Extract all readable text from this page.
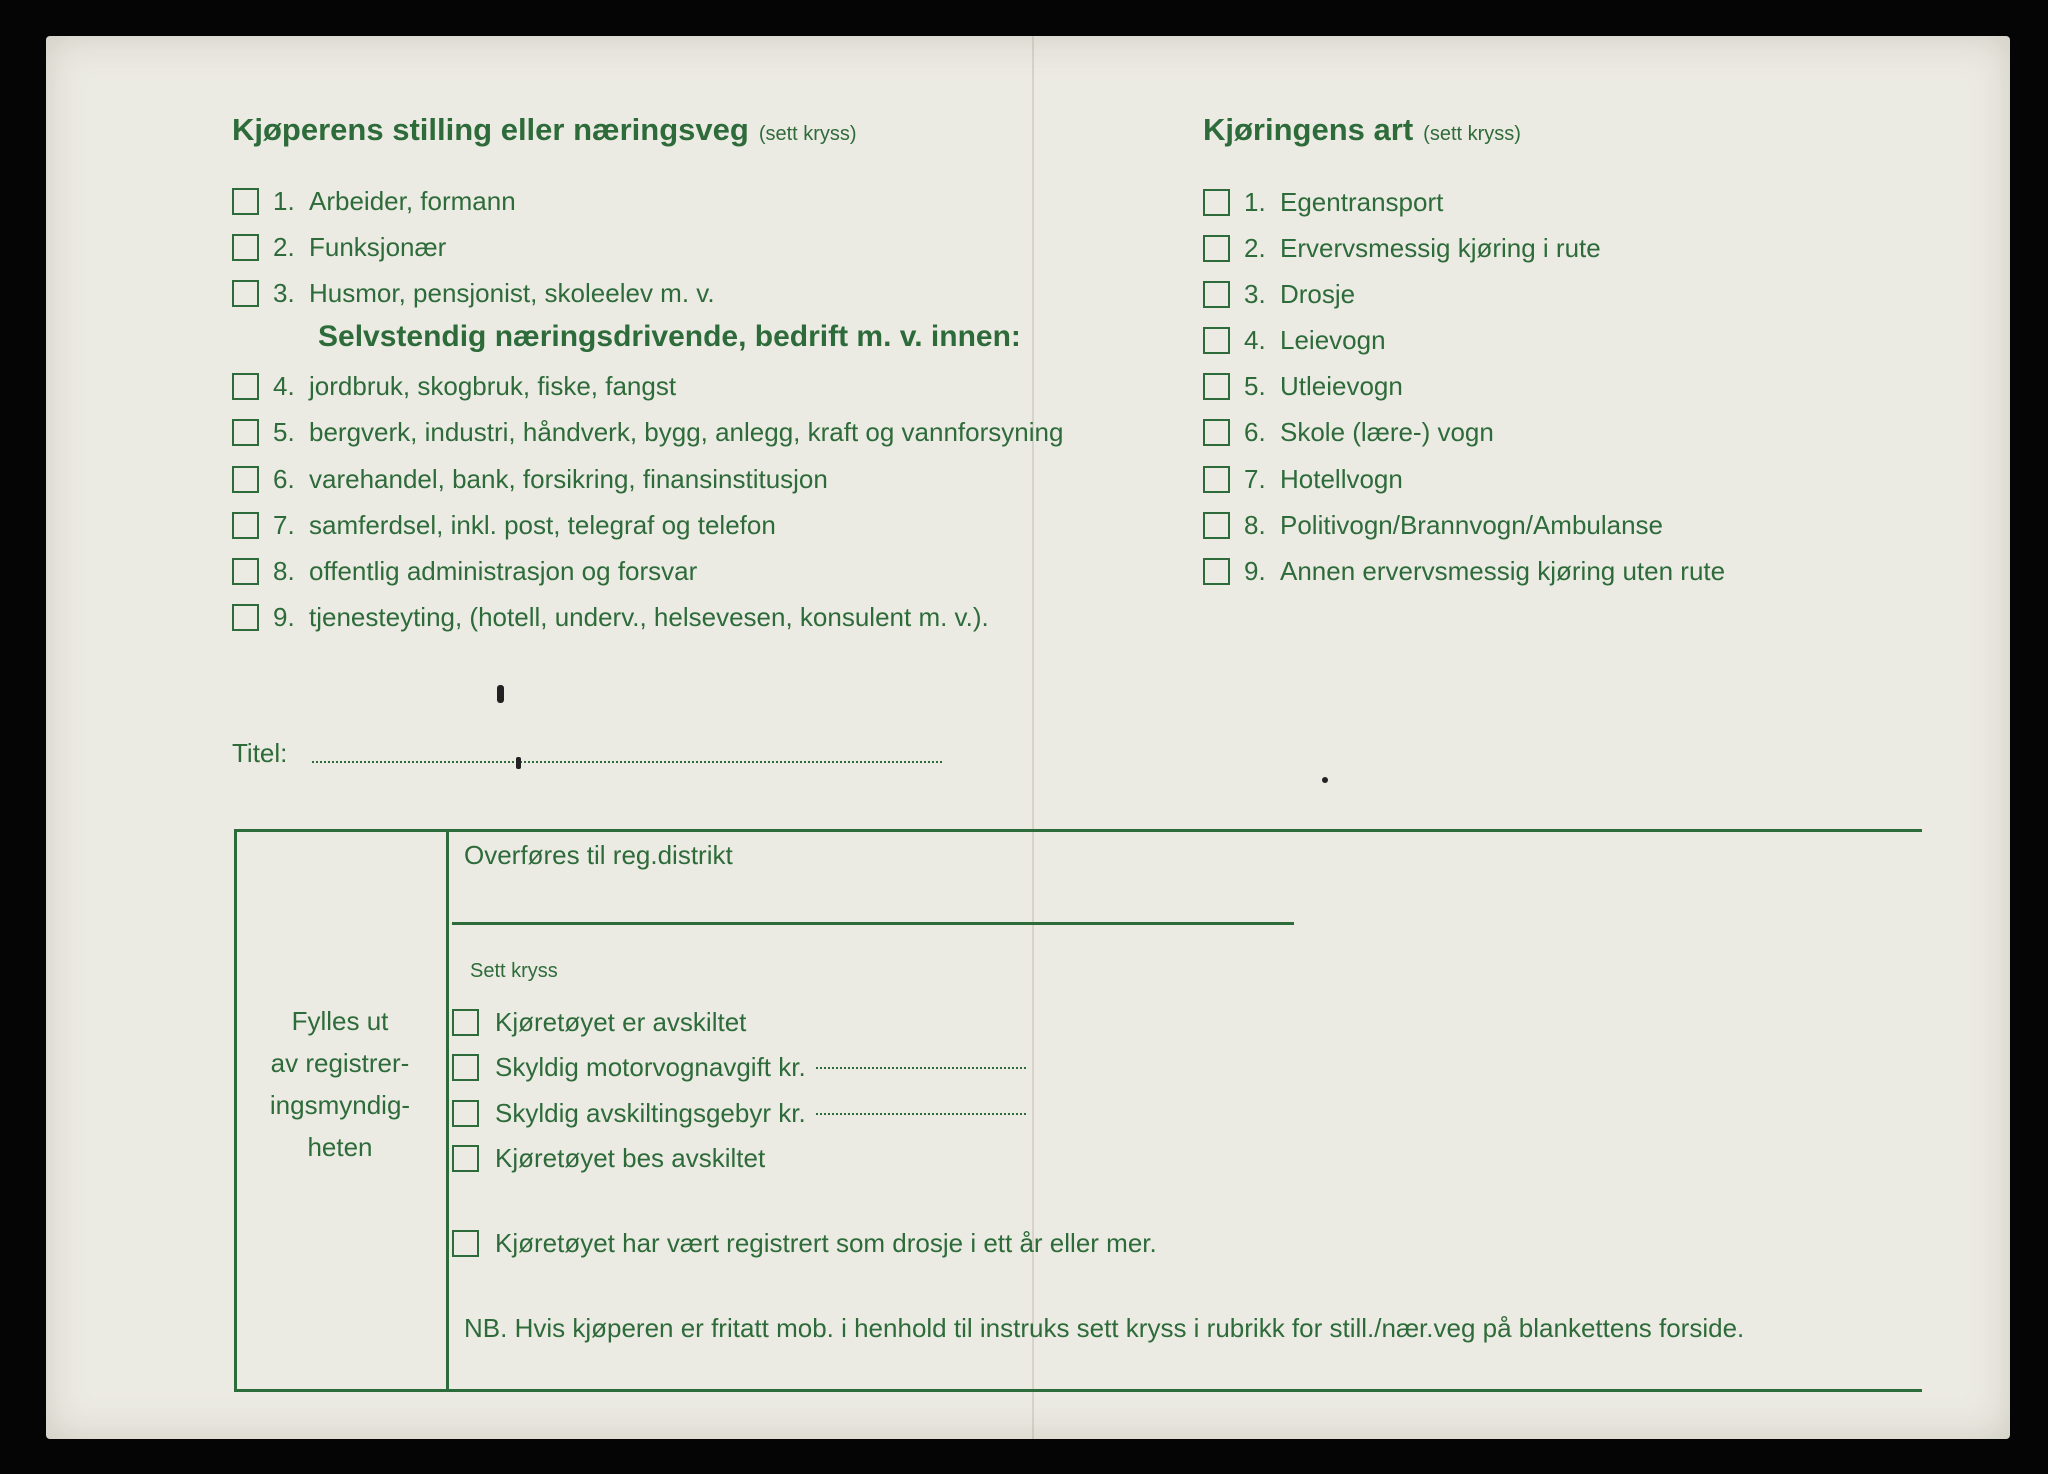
Kjøperens stilling eller næringsveg (sett kryss)
1. Arbeider, formann
2. Funksjonær
3. Husmor, pensjonist, skoleelev m. v.
Selvstendig næringsdrivende, bedrift m. v. innen:
4. jordbruk, skogbruk, fiske, fangst
5. bergverk, industri, håndverk, bygg, anlegg, kraft og vannforsyning
6. varehandel, bank, forsikring, finansinstitusjon
7. samferdsel, inkl. post, telegraf og telefon
8. offentlig administrasjon og forsvar
9. tjenesteyting, (hotell, underv., helsevesen, konsulent m. v.).
Titel:
Kjøringens art (sett kryss)
1. Egentransport
2. Ervervsmessig kjøring i rute
3. Drosje
4. Leievogn
5. Utleievogn
6. Skole (lære-) vogn
7. Hotellvogn
8. Politivogn/Brannvogn/Ambulanse
9. Annen ervervsmessig kjøring uten rute
Fylles ut
av registrer-
ingsmyndig-
heten
Overføres til reg.distrikt
Sett kryss
Kjøretøyet er avskiltet
Skyldig motorvognavgift kr.
Skyldig avskiltingsgebyr kr.
Kjøretøyet bes avskiltet
Kjøretøyet har vært registrert som drosje i ett år eller mer.
NB. Hvis kjøperen er fritatt mob. i henhold til instruks sett kryss i rubrikk for still./nær.veg på blankettens forside.
